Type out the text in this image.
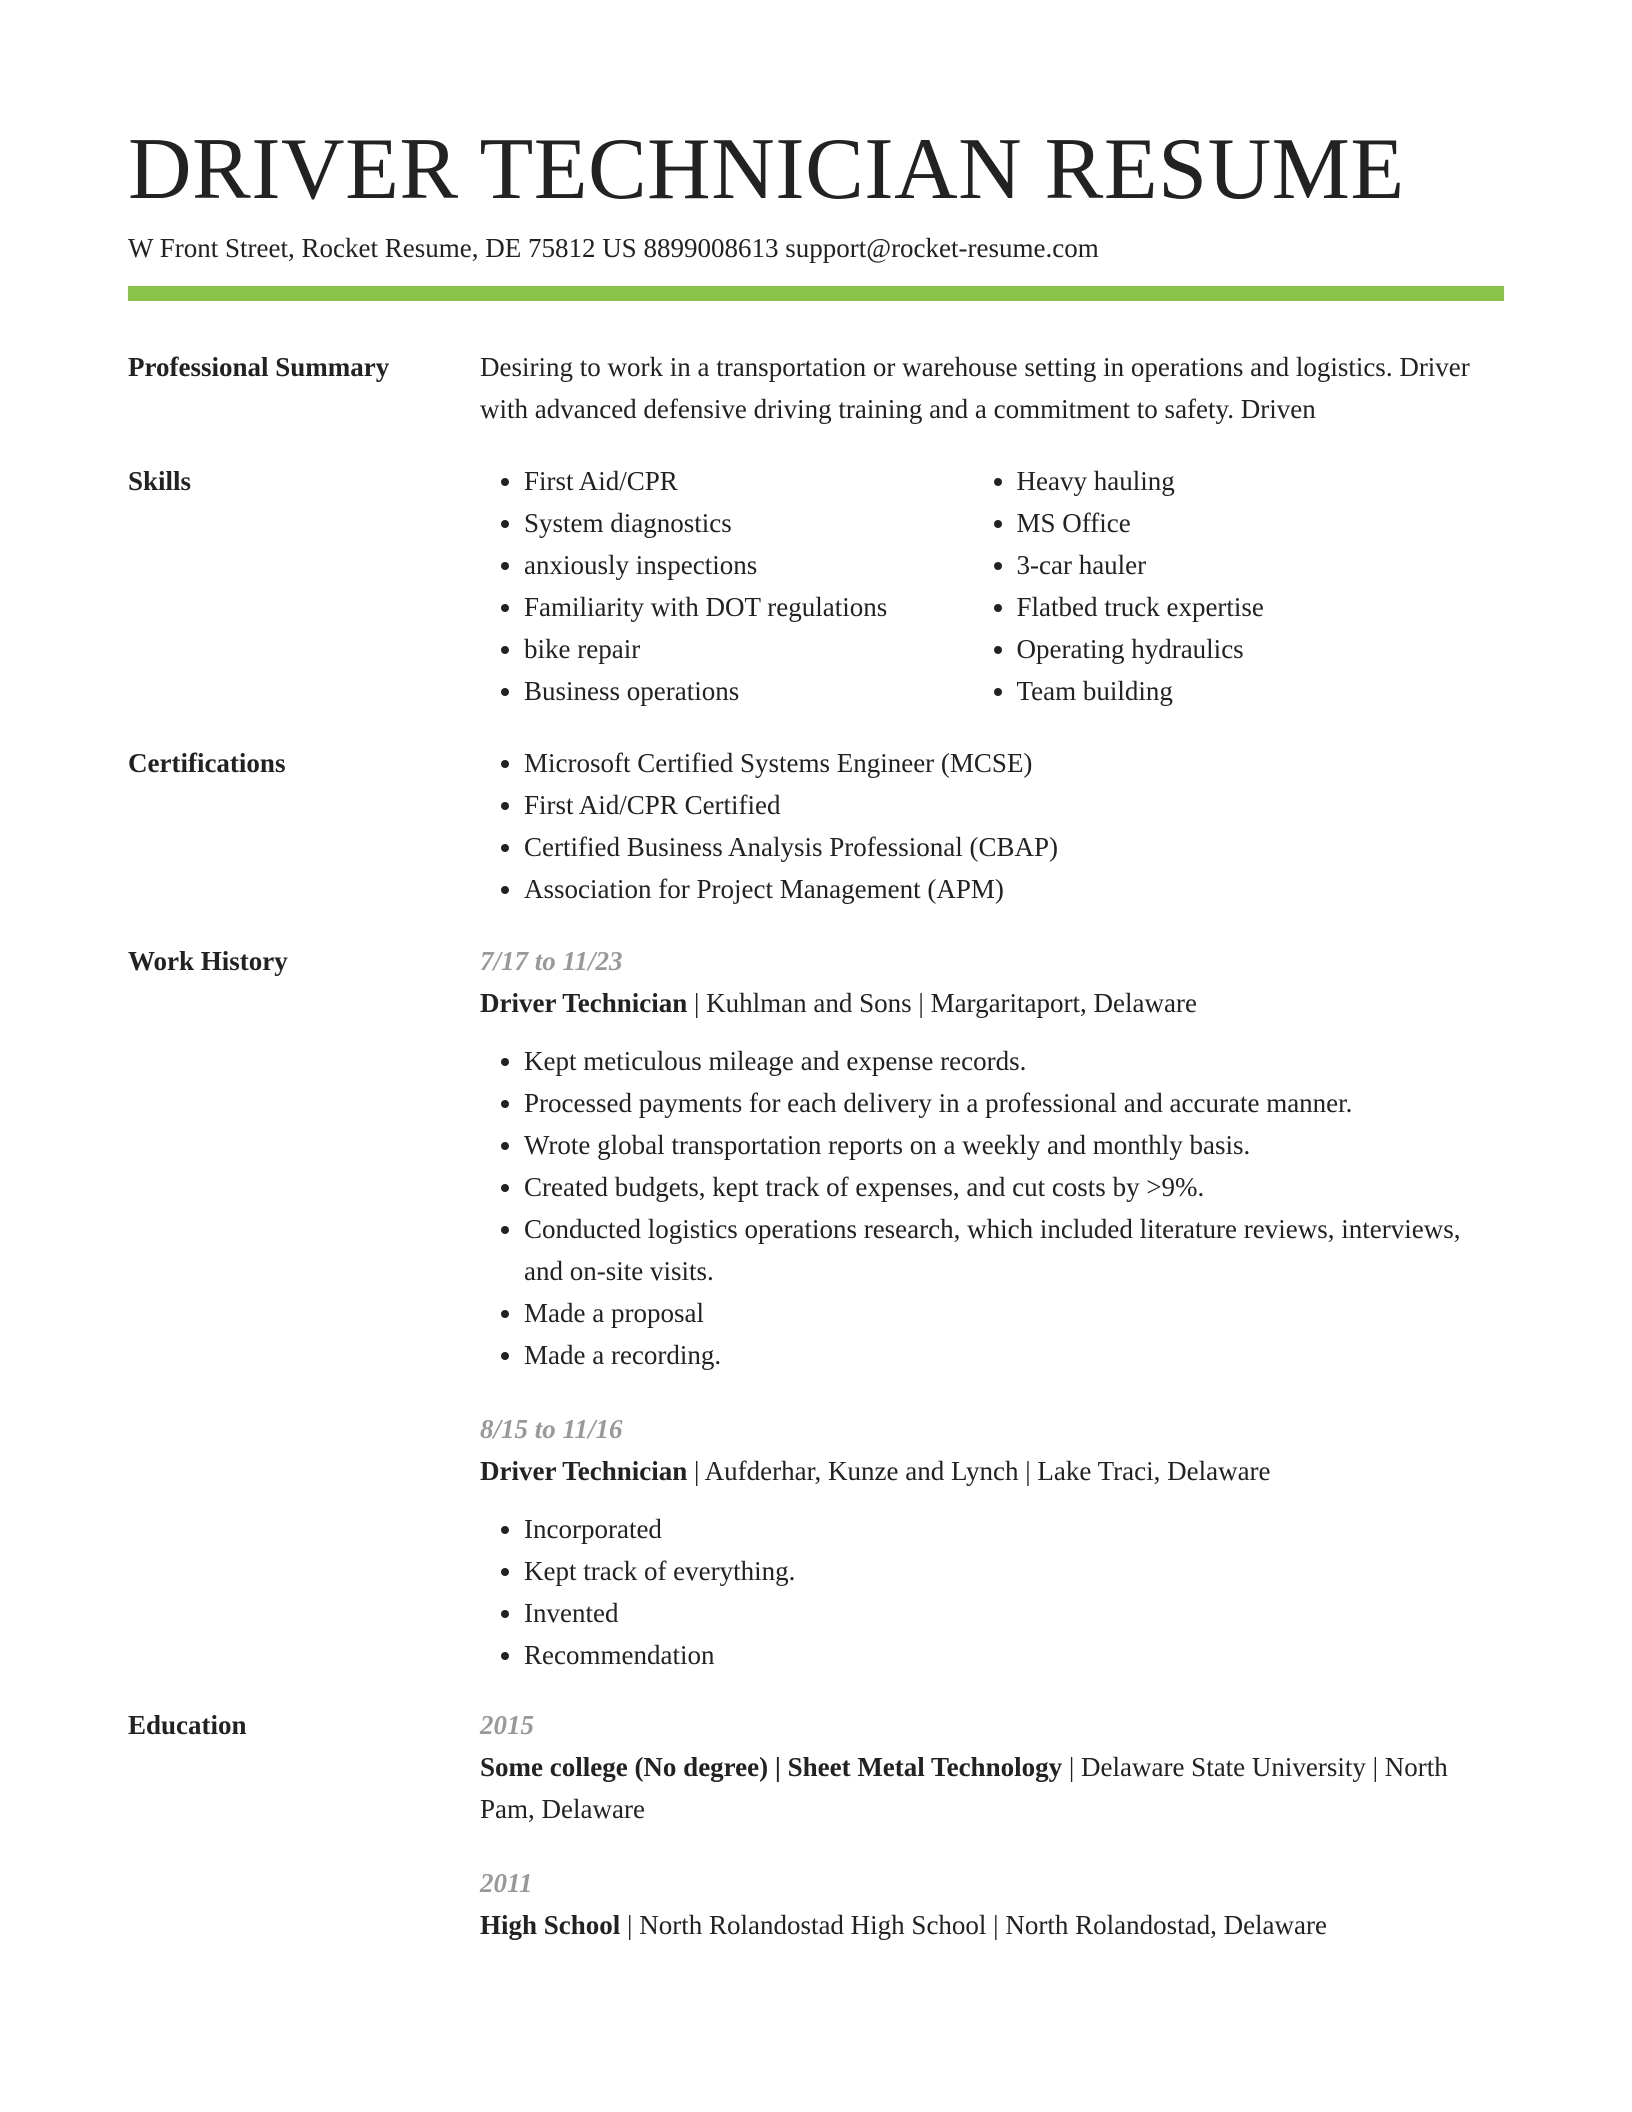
DRIVER TECHNICIAN RESUME
W Front Street, Rocket Resume, DE 75812 US 8899008613 support@rocket-resume.com
Professional Summary	Desiring to work in a transportation or warehouse setting in operations and logistics. Driver with advanced defensive driving training and a commitment to safety. Driven
Skills	• First Aid/CPR
• System diagnostics
• anxiously inspections
• Familiarity with DOT regulations
• bike repair
• Business operations
• Heavy hauling
• MS Office
• 3-car hauler
• Flatbed truck expertise
• Operating hydraulics
• Team building
Certifications	• Microsoft Certified Systems Engineer (MCSE)
• First Aid/CPR Certified
• Certified Business Analysis Professional (CBAP)
• Association for Project Management (APM)
Work History	7/17 to 11/23
Driver Technician | Kuhlman and Sons | Margaritaport, Delaware
• Kept meticulous mileage and expense records.
• Processed payments for each delivery in a professional and accurate manner.
• Wrote global transportation reports on a weekly and monthly basis.
• Created budgets, kept track of expenses, and cut costs by >9%.
• Conducted logistics operations research, which included literature reviews, interviews, and on-site visits.
• Made a proposal
• Made a recording.
8/15 to 11/16
Driver Technician | Aufderhar, Kunze and Lynch | Lake Traci, Delaware
• Incorporated
• Kept track of everything.
• Invented
• Recommendation
Education	2015
Some college (No degree) | Sheet Metal Technology | Delaware State University | North Pam, Delaware
2011
High School | North Rolandostad High School | North Rolandostad, Delaware
